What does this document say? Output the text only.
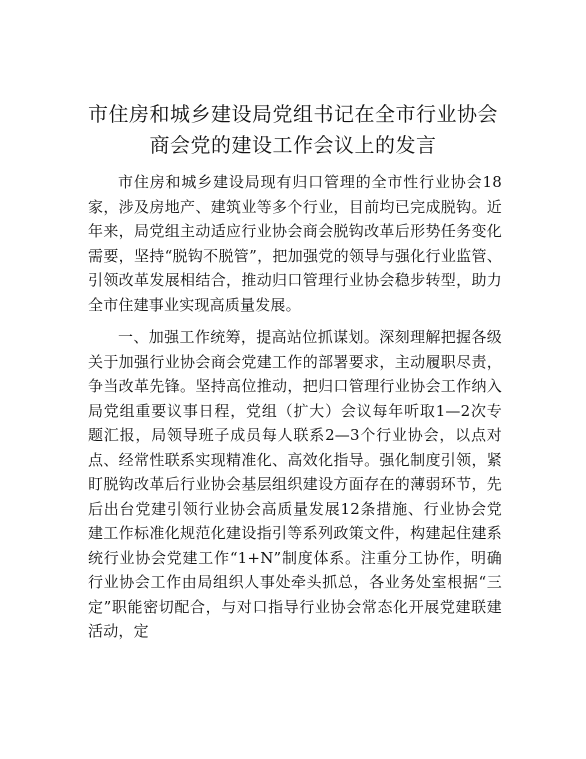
市住房和城乡建设局党组书记在全市行业协会
商会党的建设工作会议上的发言

市住房和城乡建设局现有归口管理的全市性行业协会18家，涉及房地产、建筑业等多个行业，目前均已完成脱钩。近年来，局党组主动适应行业协会商会脱钩改革后形势任务变化需要，坚持“脱钩不脱管”，把加强党的领导与强化行业监管、引领改革发展相结合，推动归口管理行业协会稳步转型，助力全市住建事业实现高质量发展。

一、加强工作统筹，提高站位抓谋划。深刻理解把握各级关于加强行业协会商会党建工作的部署要求，主动履职尽责，争当改革先锋。坚持高位推动，把归口管理行业协会工作纳入局党组重要议事日程，党组（扩大）会议每年听取1—2次专题汇报，局领导班子成员每人联系2—3个行业协会，以点对点、经常性联系实现精准化、高效化指导。强化制度引领，紧盯脱钩改革后行业协会基层组织建设方面存在的薄弱环节，先后出台党建引领行业协会高质量发展12条措施、行业协会党建工作标准化规范化建设指引等系列政策文件，构建起住建系统行业协会党建工作“1+N”制度体系。注重分工协作，明确行业协会工作由局组织人事处牵头抓总，各业务处室根据“三定”职能密切配合，与对口指导行业协会常态化开展党建联建活动，定
